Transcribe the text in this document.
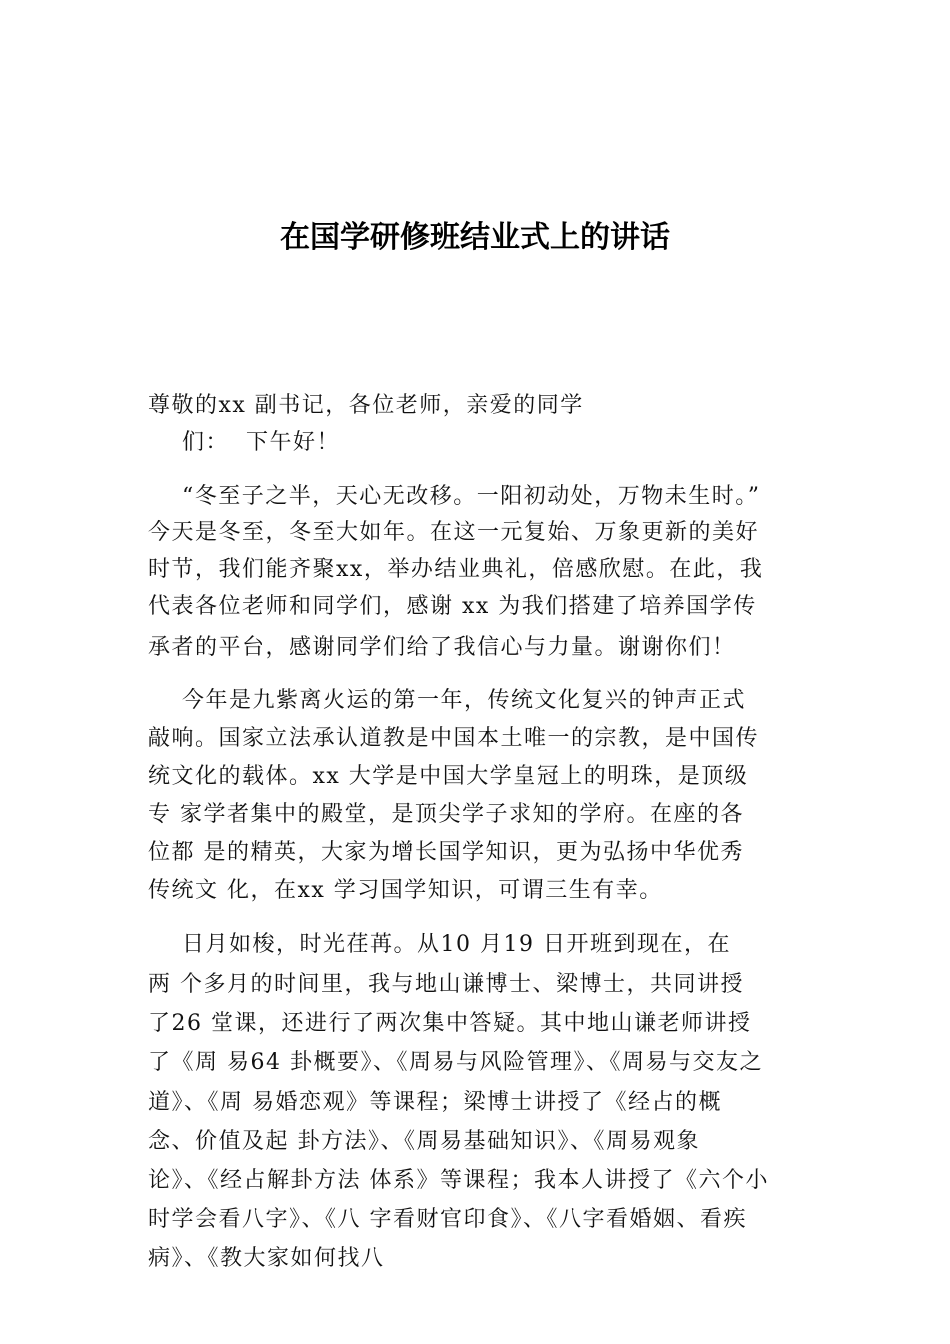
在国学研修班结业式上的讲话
尊敬的xx 副书记，各位老师，亲爱的同学
们：  下午好！
“冬至子之半，天心无改移。一阳初动处，万物未生时。”
今天是冬至，冬至大如年。在这一元复始、万象更新的美好
时节，我们能齐聚xx，举办结业典礼，倍感欣慰。在此，我
代表各位老师和同学们，感谢 xx 为我们搭建了培养国学传
承者的平台，感谢同学们给了我信心与力量。谢谢你们！
今年是九紫离火运的第一年，传统文化复兴的钟声正式
敲响。国家立法承认道教是中国本土唯一的宗教，是中国传
统文化的载体。xx 大学是中国大学皇冠上的明珠，是顶级
专 家学者集中的殿堂，是顶尖学子求知的学府。在座的各
位都 是的精英，大家为增长国学知识，更为弘扬中华优秀
传统文 化，在xx 学习国学知识，可谓三生有幸。
日月如梭，时光荏苒。从10 月19 日开班到现在，在
两 个多月的时间里，我与地山谦博士、梁博士，共同讲授
了26 堂课，还进行了两次集中答疑。其中地山谦老师讲授
了《周 易64 卦概要》、《周易与风险管理》、《周易与交友之
道》、《周 易婚恋观》等课程；梁博士讲授了《经占的概
念、价值及起 卦方法》、《周易基础知识》、《周易观象
论》、《经占解卦方法 体系》等课程；我本人讲授了《六个小
时学会看八字》、《八 字看财官印食》、《八字看婚姻、看疾
病》、《教大家如何找八
